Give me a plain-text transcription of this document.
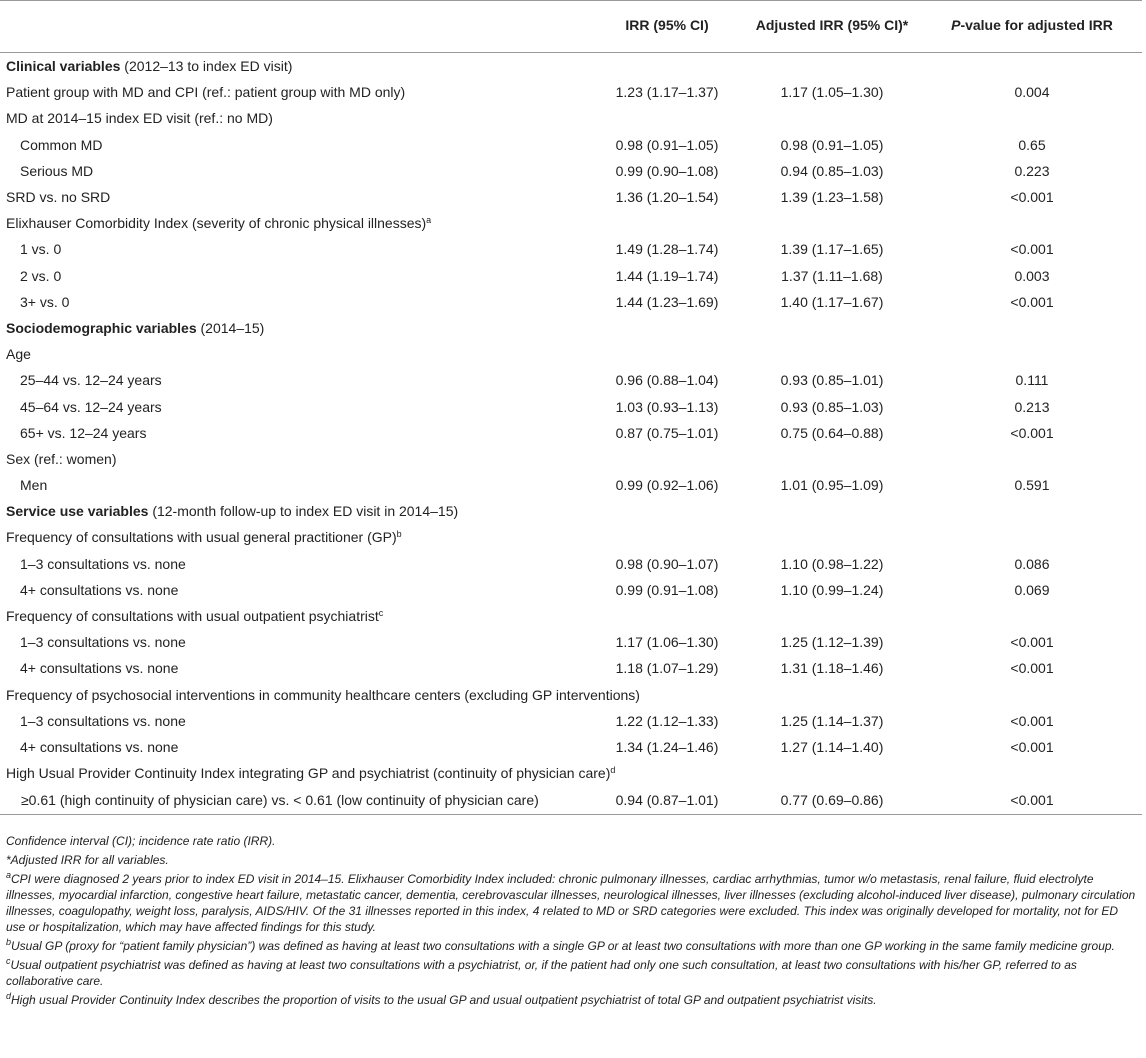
	IRR (95% CI)	Adjusted IRR (95% CI)*	P-value for adjusted IRR
Clinical variables (2012–13 to index ED visit)			
Patient group with MD and CPI (ref.: patient group with MD only)	1.23 (1.17–1.37)	1.17 (1.05–1.30)	0.004
MD at 2014–15 index ED visit (ref.: no MD)			
Common MD	0.98 (0.91–1.05)	0.98 (0.91–1.05)	0.65
Serious MD	0.99 (0.90–1.08)	0.94 (0.85–1.03)	0.223
SRD vs. no SRD	1.36 (1.20–1.54)	1.39 (1.23–1.58)	<0.001
Elixhauser Comorbidity Index (severity of chronic physical illnesses)$^a$			
1 vs. 0	1.49 (1.28–1.74)	1.39 (1.17–1.65)	<0.001
2 vs. 0	1.44 (1.19–1.74)	1.37 (1.11–1.68)	0.003
3+ vs. 0	1.44 (1.23–1.69)	1.40 (1.17–1.67)	<0.001
Sociodemographic variables (2014–15)			
Age			
25–44 vs. 12–24 years	0.96 (0.88–1.04)	0.93 (0.85–1.01)	0.111
45–64 vs. 12–24 years	1.03 (0.93–1.13)	0.93 (0.85–1.03)	0.213
65+ vs. 12–24 years	0.87 (0.75–1.01)	0.75 (0.64–0.88)	<0.001
Sex (ref.: women)			
Men	0.99 (0.92–1.06)	1.01 (0.95–1.09)	0.591
Service use variables (12-month follow-up to index ED visit in 2014–15)			
Frequency of consultations with usual general practitioner (GP)$^b$			
1–3 consultations vs. none	0.98 (0.90–1.07)	1.10 (0.98–1.22)	0.086
4+ consultations vs. none	0.99 (0.91–1.08)	1.10 (0.99–1.24)	0.069
Frequency of consultations with usual outpatient psychiatrist$^c$			
1–3 consultations vs. none	1.17 (1.06–1.30)	1.25 (1.12–1.39)	<0.001
4+ consultations vs. none	1.18 (1.07–1.29)	1.31 (1.18–1.46)	<0.001
Frequency of psychosocial interventions in community healthcare centers (excluding GP interventions)			
1–3 consultations vs. none	1.22 (1.12–1.33)	1.25 (1.14–1.37)	<0.001
4+ consultations vs. none	1.34 (1.24–1.46)	1.27 (1.14–1.40)	<0.001
High Usual Provider Continuity Index integrating GP and psychiatrist (continuity of physician care)$^d$			
≥0.61 (high continuity of physician care) vs. < 0.61 (low continuity of physician care)	0.94 (0.87–1.01)	0.77 (0.69–0.86)	<0.001

Confidence interval (CI); incidence rate ratio (IRR).

*Adjusted IRR for all variables.

$^a$CPI were diagnosed 2 years prior to index ED visit in 2014–15. Elixhauser Comorbidity Index included: chronic pulmonary illnesses, cardiac arrhythmias, tumor w/o metastasis, renal failure, fluid electrolyte illnesses, myocardial infarction, congestive heart failure, metastatic cancer, dementia, cerebrovascular illnesses, neurological illnesses, liver illnesses (excluding alcohol-induced liver disease), pulmonary circulation illnesses, coagulopathy, weight loss, paralysis, AIDS/HIV. Of the 31 illnesses reported in this index, 4 related to MD or SRD categories were excluded. This index was originally developed for mortality, not for ED use or hospitalization, which may have affected findings for this study.

$^b$Usual GP (proxy for “patient family physician”) was defined as having at least two consultations with a single GP or at least two consultations with more than one GP working in the same family medicine group.

$^c$Usual outpatient psychiatrist was defined as having at least two consultations with a psychiatrist, or, if the patient had only one such consultation, at least two consultations with his/her GP, referred to as collaborative care.

$^d$High usual Provider Continuity Index describes the proportion of visits to the usual GP and usual outpatient psychiatrist of total GP and outpatient psychiatrist visits.
